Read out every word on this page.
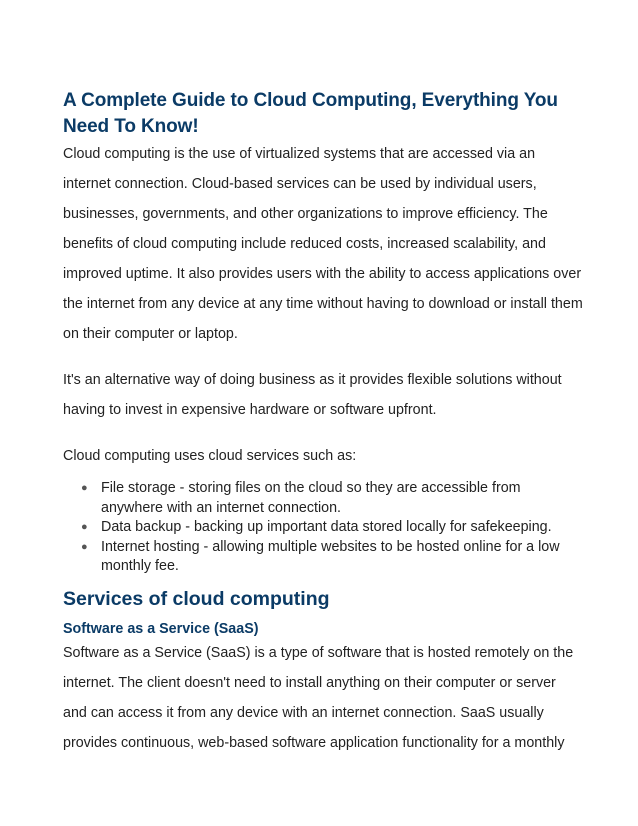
A Complete Guide to Cloud Computing, Everything You Need To Know!

Cloud computing is the use of virtualized systems that are accessed via an internet connection. Cloud-based services can be used by individual users, businesses, governments, and other organizations to improve efficiency. The benefits of cloud computing include reduced costs, increased scalability, and improved uptime. It also provides users with the ability to access applications over the internet from any device at any time without having to download or install them on their computer or laptop.

It's an alternative way of doing business as it provides flexible solutions without having to invest in expensive hardware or software upfront.

Cloud computing uses cloud services such as:

● File storage - storing files on the cloud so they are accessible from anywhere with an internet connection.
● Data backup - backing up important data stored locally for safekeeping.
● Internet hosting - allowing multiple websites to be hosted online for a low monthly fee.
Services of cloud computing
Software as a Service (SaaS)

Software as a Service (SaaS) is a type of software that is hosted remotely on the internet. The client doesn't need to install anything on their computer or server and can access it from any device with an internet connection. SaaS usually provides continuous, web-based software application functionality for a monthly
